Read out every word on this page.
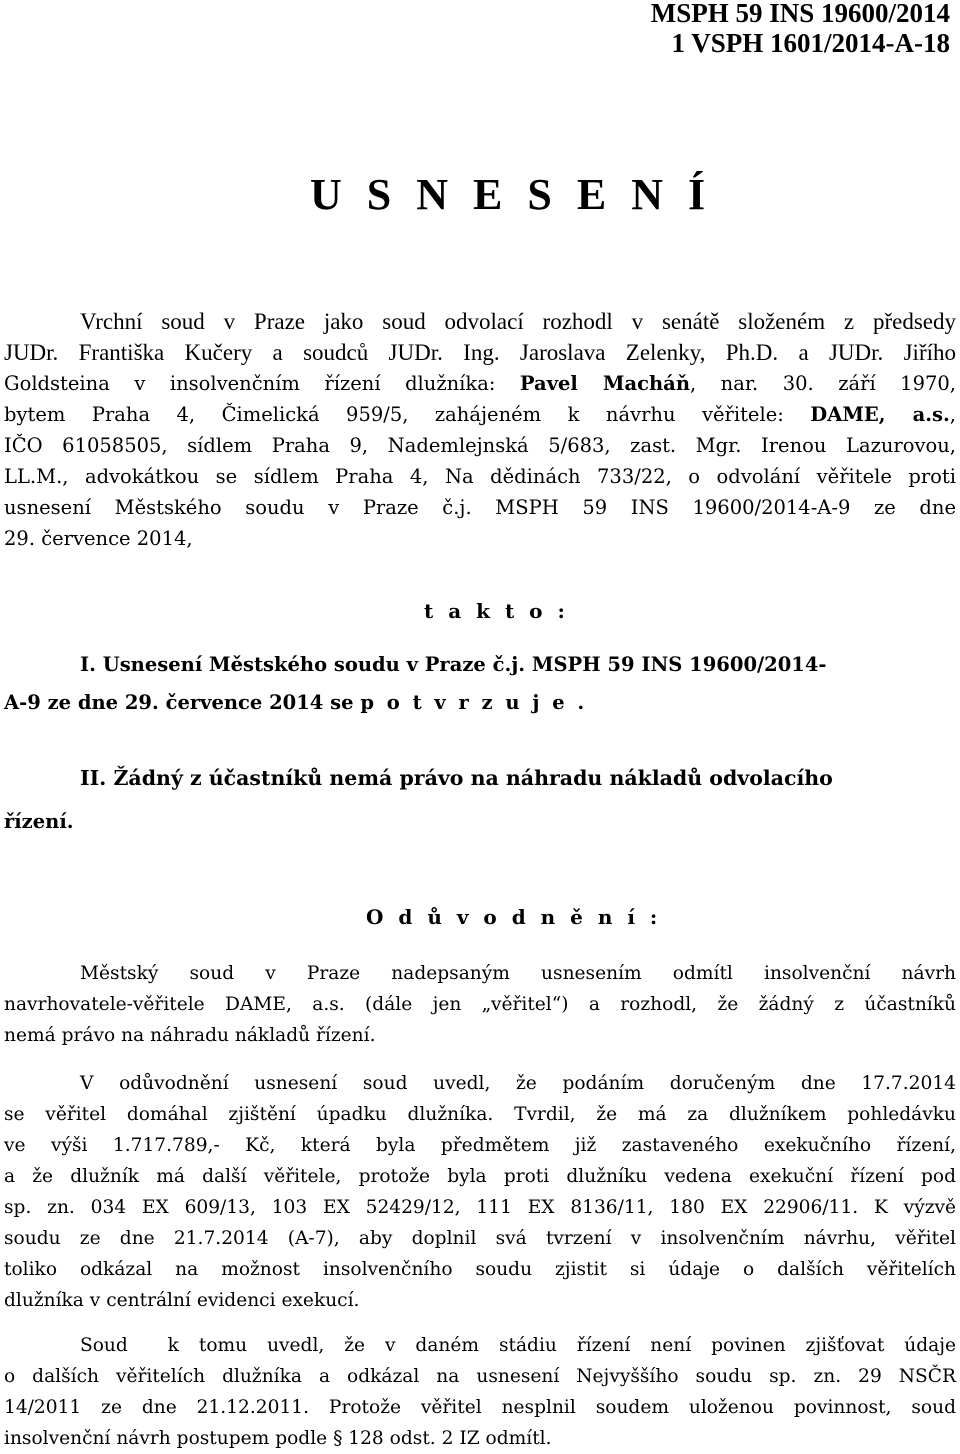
MSPH 59 INS 19600/2014
1 VSPH 1601/2014-A-18
U S N E S E N Í
Vrchní soud v Praze jako soud odvolací rozhodl v senátě složeném z předsedy
JUDr. Františka Kučery a soudců JUDr. Ing. Jaroslava Zelenky, Ph.D. a JUDr. Jiřího
Goldsteina v insolvenčním řízení dlužníka: Pavel Macháň, nar. 30. září 1970,
bytem Praha 4, Čimelická 959/5, zahájeném k návrhu věřitele: DAME, a.s.,
IČO 61058505, sídlem Praha 9, Nademlejnská 5/683, zast. Mgr. Irenou Lazurovou,
LL.M., advokátkou se sídlem Praha 4, Na dědinách 733/22, o odvolání věřitele proti
usnesení Městského soudu v Praze č.j. MSPH 59 INS 19600/2014-A-9 ze dne
29. července 2014,
t a k t o :
I. Usnesení Městského soudu v Praze č.j. MSPH 59 INS 19600/2014-
A-9 ze dne 29. července 2014 se p o t v r z u j e .
II. Žádný z účastníků nemá právo na náhradu nákladů odvolacího
řízení.
O d ů v o d n ě n í :
Městský soud v Praze nadepsaným usnesením odmítl insolvenční návrh
navrhovatele-věřitele DAME, a.s. (dále jen „věřitel“) a rozhodl, že žádný z účastníků
nemá právo na náhradu nákladů řízení.
V odůvodnění usnesení soud uvedl, že podáním doručeným dne 17.7.2014
se věřitel domáhal zjištění úpadku dlužníka. Tvrdil, že má za dlužníkem pohledávku
ve výši 1.717.789,- Kč, která byla předmětem již zastaveného exekučního řízení,
a že dlužník má další věřitele, protože byla proti dlužníku vedena exekuční řízení pod
sp. zn. 034 EX 609/13, 103 EX 52429/12, 111 EX 8136/11, 180 EX 22906/11. K výzvě
soudu ze dne 21.7.2014 (A-7), aby doplnil svá tvrzení v insolvenčním návrhu, věřitel
toliko odkázal na možnost insolvenčního soudu zjistit si údaje o dalších věřitelích
dlužníka v centrální evidenci exekucí.
Soud  k tomu uvedl, že v daném stádiu řízení není povinen zjišťovat údaje
o dalších věřitelích dlužníka a odkázal na usnesení Nejvyššího soudu sp. zn. 29 NSČR
14/2011 ze dne 21.12.2011. Protože věřitel nesplnil soudem uloženou povinnost, soud
insolvenční návrh postupem podle § 128 odst. 2 IZ odmítl.
